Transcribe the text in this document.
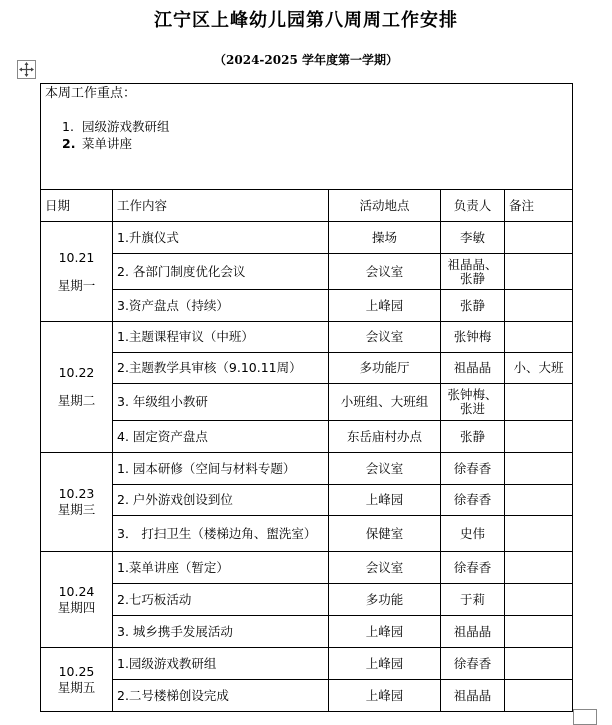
江宁区上峰幼儿园第八周周工作安排
（2024-2025 学年度第一学期）
本周工作重点：
1. 园级游戏教研组
2. 菜单讲座				

日期	工作内容	活动地点	负责人	备注

10.21
星期一	1.升旗仪式	操场	李敏	
	2. 各部门制度优化会议	会议室	祖晶晶、张静	
	3.资产盘点（持续）	上峰园	张静	

10.22
星期二	1.主题课程审议（中班）	会议室	张钟梅	
	2.主题教学具审核（9.10.11周）	多功能厅	祖晶晶	小、大班
	3. 年级组小教研	小班组、大班组	张钟梅、张进	
	4. 固定资产盘点	东岳庙村办点	张静	

10.23
星期三	1. 园本研修（空间与材料专题）	会议室	徐春香	
	2. 户外游戏创设到位	上峰园	徐春香	
	3． 打扫卫生（楼梯边角、盥洗室）	保健室	史伟	

10.24
星期四	1.菜单讲座（暂定）	会议室	徐春香	
	2.七巧板活动	多功能	于莉	
	3. 城乡携手发展活动	上峰园	祖晶晶	

10.25
星期五	1.园级游戏教研组	上峰园	徐春香	
	2.二号楼梯创设完成	上峰园	祖晶晶	
